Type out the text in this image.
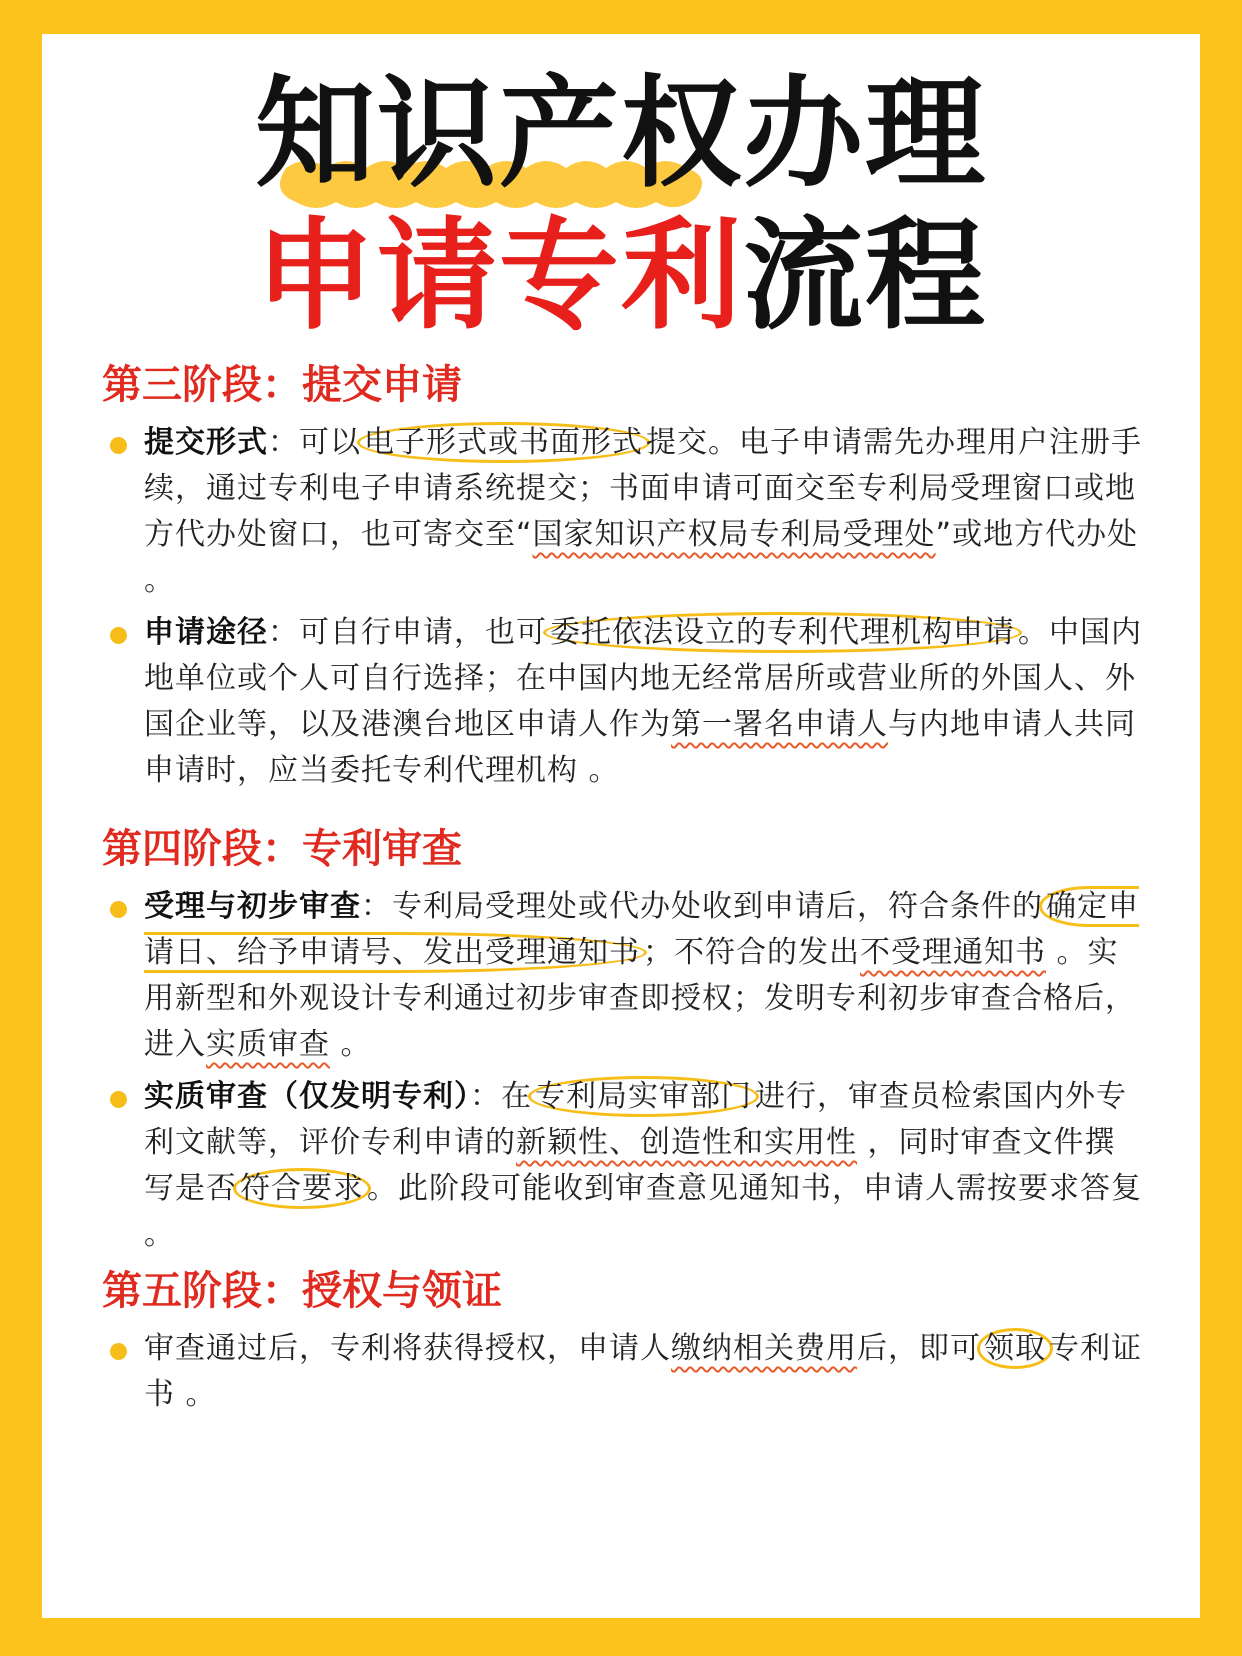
知识产权办理
申请专利流程
第三阶段：提交申请
提交形式：可以 电子形式或书面形式 提交。电子申请需先办理用户注册手续，通过专利电子申请系统提交；书面申请可面交至专利局受理窗口或地方代办处窗口，也可寄交至“国家知识产权局专利局受理处”或地方代办处 。
申请途径：可自行申请，也可 委托依法设立的专利代理机构申请 。中国内地单位或个人可自行选择；在中国内地无经常居所或营业所的外国人、外国企业等，以及港澳台地区申请人作为第一署名申请人与内地申请人共同申请时，应当委托专利代理机构 。
第四阶段：专利审查
受理与初步审查：专利局受理处或代办处收到申请后，符合条件的 确定申请日、给予申请号、发出受理通知书 ；不符合的发出不受理通知书 。实用新型和外观设计专利通过初步审查即授权；发明专利初步审查合格后，进入实质审查 。
实质审查（仅发明专利）：在 专利局实审部门 进行，审查员检索国内外专利文献等，评价专利申请的新颖性、创造性和实用性 ，同时审查文件撰写是否 符合要求 。此阶段可能收到审查意见通知书，申请人需按要求答复 。
第五阶段：授权与领证
审查通过后，专利将获得授权，申请人缴纳相关费用后，即可 领取 专利证书 。
